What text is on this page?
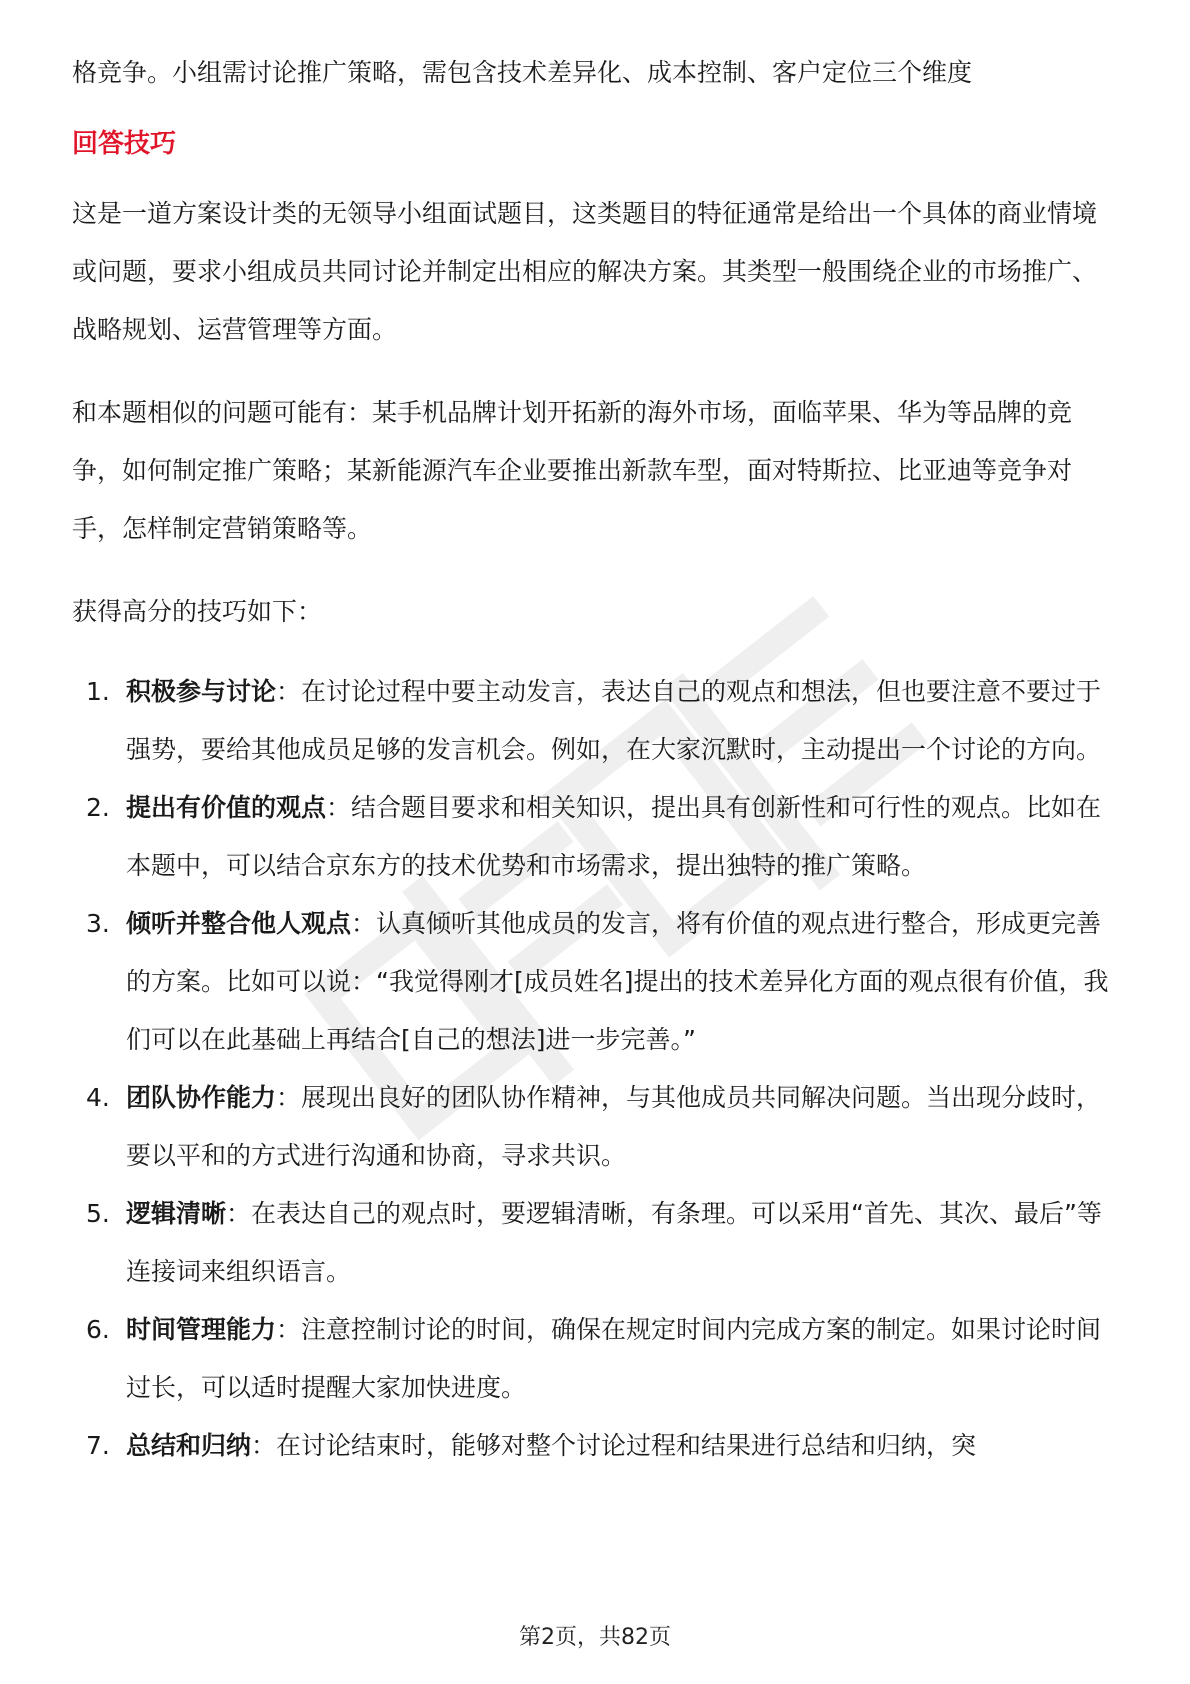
格竞争。小组需讨论推广策略，需包含技术差异化、成本控制、客户定位三个维度

回答技巧

这是一道方案设计类的无领导小组面试题目，这类题目的特征通常是给出一个具体的商业情境或问题，要求小组成员共同讨论并制定出相应的解决方案。其类型一般围绕企业的市场推广、战略规划、运营管理等方面。

和本题相似的问题可能有：某手机品牌计划开拓新的海外市场，面临苹果、华为等品牌的竞争，如何制定推广策略；某新能源汽车企业要推出新款车型，面对特斯拉、比亚迪等竞争对手，怎样制定营销策略等。

获得高分的技巧如下：

1. 积极参与讨论：在讨论过程中要主动发言，表达自己的观点和想法，但也要注意不要过于强势，要给其他成员足够的发言机会。例如，在大家沉默时，主动提出一个讨论的方向。
2. 提出有价值的观点：结合题目要求和相关知识，提出具有创新性和可行性的观点。比如在本题中，可以结合京东方的技术优势和市场需求，提出独特的推广策略。
3. 倾听并整合他人观点：认真倾听其他成员的发言，将有价值的观点进行整合，形成更完善的方案。比如可以说：“我觉得刚才[成员姓名]提出的技术差异化方面的观点很有价值，我们可以在此基础上再结合[自己的想法]进一步完善。”
4. 团队协作能力：展现出良好的团队协作精神，与其他成员共同解决问题。当出现分歧时，要以平和的方式进行沟通和协商，寻求共识。
5. 逻辑清晰：在表达自己的观点时，要逻辑清晰，有条理。可以采用“首先、其次、最后”等连接词来组织语言。
6. 时间管理能力：注意控制讨论的时间，确保在规定时间内完成方案的制定。如果讨论时间过长，可以适时提醒大家加快进度。
7. 总结和归纳：在讨论结束时，能够对整个讨论过程和结果进行总结和归纳，突
第2页，共82页
